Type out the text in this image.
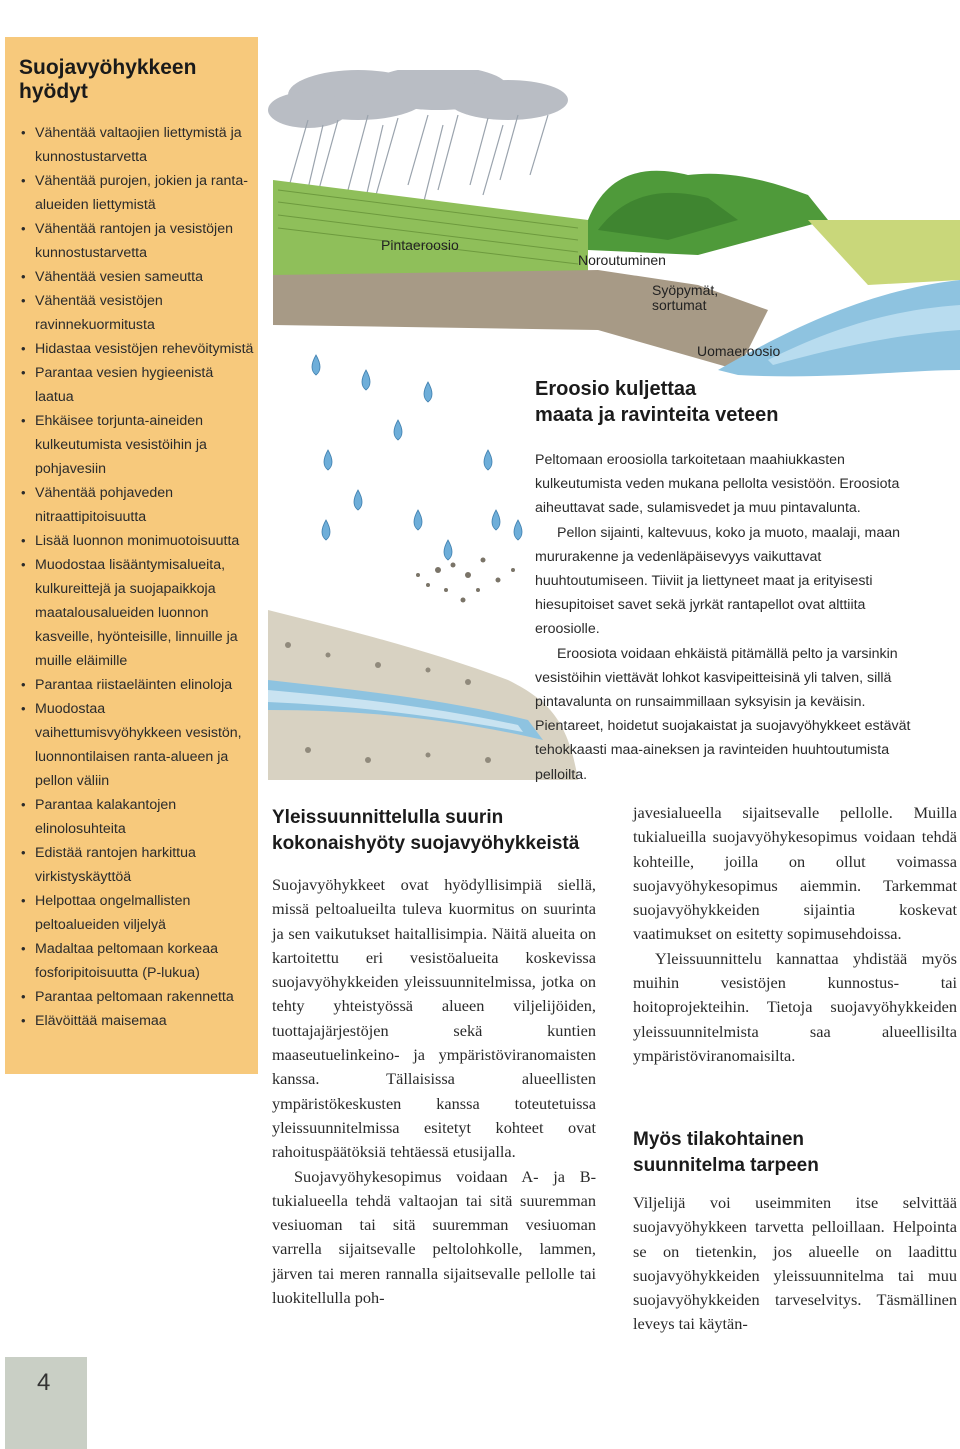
Suojavyöhykkeen
hyödyt
• Vähentää valtaojien liettymistä ja kunnostustarvetta
• Vähentää purojen, jokien ja ranta-alueiden liettymistä
• Vähentää rantojen ja vesistöjen kunnostustarvetta
• Vähentää vesien sameutta
• Vähentää vesistöjen ravinnekuormitusta
• Hidastaa vesistöjen rehevöitymistä
• Parantaa vesien hygieenistä laatua
• Ehkäisee torjunta-aineiden kulkeutumista vesistöihin ja pohjavesiin
• Vähentää pohjaveden nitraattipitoisuutta
• Lisää luonnon monimuotoisuutta
• Muodostaa lisääntymisalueita, kulkureittejä ja suojapaikkoja maatalousalueiden luonnon kasveille, hyönteisille, linnuille ja muille eläimille
• Parantaa riistaeläinten elinoloja
• Muodostaa vaihettumisvyöhykkeen vesistön, luonnontilaisen ranta-alueen ja pellon väliin
• Parantaa kalakantojen elinolosuhteita
• Edistää rantojen harkittua virkistyskäyttöä
• Helpottaa ongelmallisten peltoalueiden viljelyä
• Madaltaa peltomaan korkeaa fosforipitoisuutta (P-lukua)
• Parantaa peltomaan rakennetta
• Elävöittää maisemaa
4
Pintaeroosio
Noroutuminen
Syöpymät,
sortumat
Uomaeroosio
Eroosio kuljettaa
maata ja ravinteita veteen

Peltomaan eroosiolla tarkoitetaan maahiukkasten kulkeutumista veden mukana pellolta vesistöön. Eroosiota aiheuttavat sade, sulamisvedet ja muu pintavalunta.

Pellon sijainti, kaltevuus, koko ja muoto, maalaji, maan mururakenne ja vedenläpäisevyys vaikuttavat huuhtoutumiseen. Tiiviit ja liettyneet maat ja erityisesti hiesupitoiset savet sekä jyrkät rantapellot ovat alttiita eroosiolle.

Eroosiota voidaan ehkäistä pitämällä pelto ja varsinkin vesistöihin viettävät lohkot kasvipeitteisinä yli talven, sillä pintavalunta on runsaimmillaan syksyisin ja keväisin.

Pientareet, hoidetut suojakaistat ja suojavyöhykkeet estävät tehokkaasti maa-aineksen ja ravinteiden huuhtoutumista pelloilta.

Yleissuunnittelulla suurin
kokonaishyöty suojavyöhykkeistä

Suojavyöhykkeet ovat hyödyllisimpiä siellä, missä peltoalueilta tuleva kuormitus on suurinta ja sen vaikutukset haitallisimpia. Näitä alueita on kartoitettu eri vesistöalueita koskevissa suojavyöhykkeiden yleissuunnitelmissa, jotka on tehty yhteistyössä alueen viljelijöiden, tuottajajärjestöjen sekä kuntien maaseutuelinkeino- ja ympäristöviranomaisten kanssa. Tällaisissa alueellisten ympäristökeskusten kanssa toteutetuissa yleissuunnitelmissa esitetyt kohteet ovat rahoituspäätöksiä tehtäessä etusijalla.

Suojavyöhykesopimus voidaan A- ja B-tukialueella tehdä valtaojan tai sitä suuremman vesiuoman tai sitä suuremman vesiuoman varrella sijaitsevalle peltolohkolle, lammen, järven tai meren rannalla sijaitsevalle pellolle tai luokitellulla poh-

javesialueella sijaitsevalle pellolle. Muilla tukialueilla suojavyöhykesopimus voidaan tehdä kohteille, joilla on ollut voimassa suojavyöhykesopimus aiemmin. Tarkemmat suojavyöhykkeiden sijaintia koskevat vaatimukset on esitetty sopimusehdoissa.

Yleissuunnittelu kannattaa yhdistää myös muihin vesistöjen kunnostus- tai hoitoprojekteihin. Tietoja suojavyöhykkeiden yleissuunnitelmista saa alueellisilta ympäristöviranomaisilta.

Myös tilakohtainen
suunnitelma tarpeen

Viljelijä voi useimmiten itse selvittää suojavyöhykkeen tarvetta pelloillaan. Helpointa se on tietenkin, jos alueelle on laadittu suojavyöhykkeiden yleissuunnitelma tai muu suojavyöhykkeiden tarveselvitys. Täsmällinen leveys tai käytän-
